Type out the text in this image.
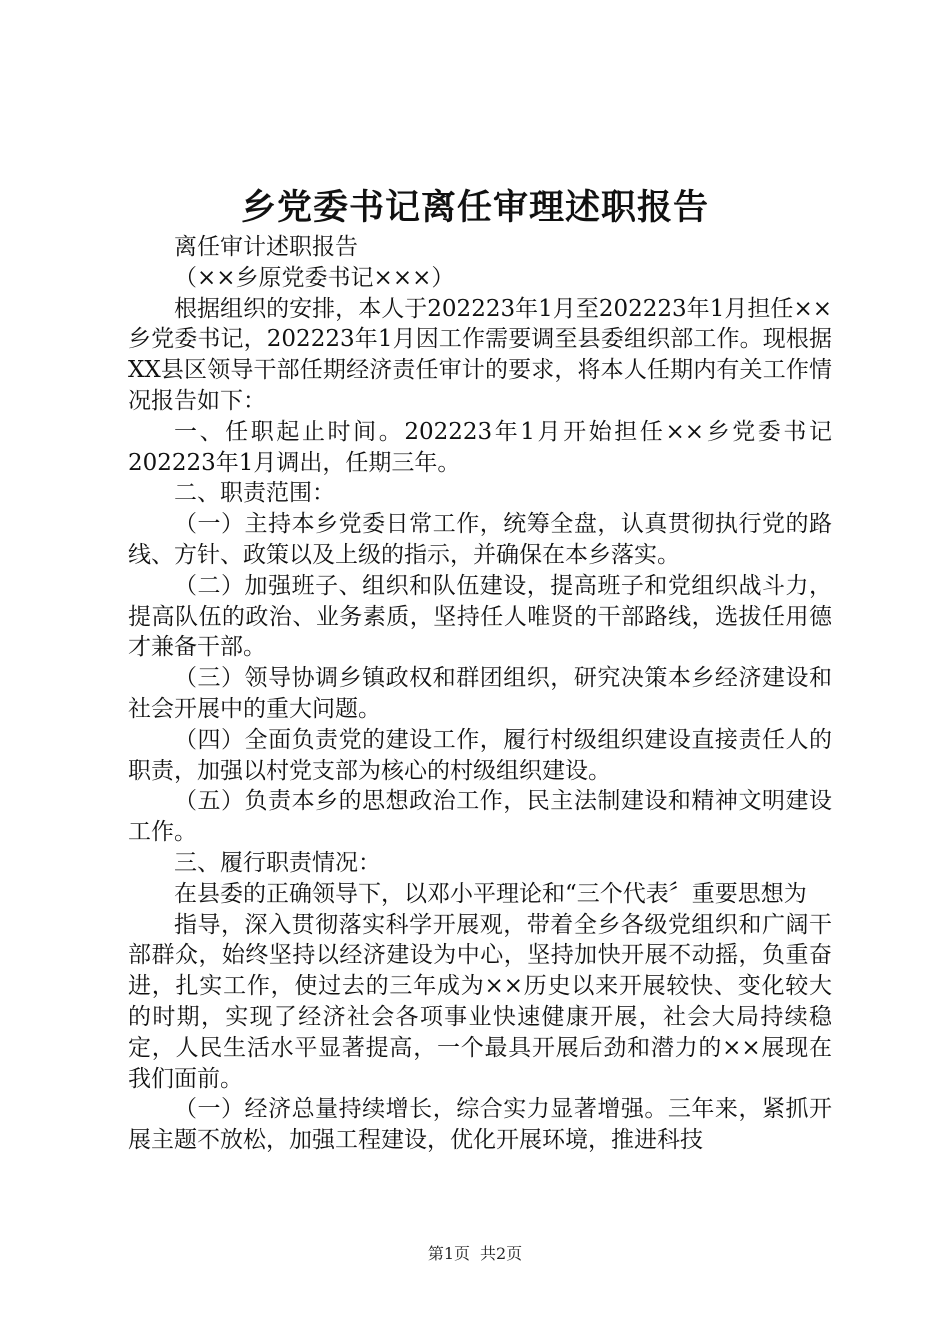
乡党委书记离任审理述职报告

离任审计述职报告

（××乡原党委书记×××）

根据组织的安排，本人于202223年1月至202223年1月担任××乡党委书记，202223年1月因工作需要调至县委组织部工作。现根据XX县区领导干部任期经济责任审计的要求，将本人任期内有关工作情况报告如下：

一、任职起止时间。202223年1月开始担任××乡党委书记202223年1月调出，任期三年。

二、职责范围：

（一）主持本乡党委日常工作，统筹全盘，认真贯彻执行党的路线、方针、政策以及上级的指示，并确保在本乡落实。

（二）加强班子、组织和队伍建设，提高班子和党组织战斗力，提高队伍的政治、业务素质，坚持任人唯贤的干部路线，选拔任用德才兼备干部。

（三）领导协调乡镇政权和群团组织，研究决策本乡经济建设和社会开展中的重大问题。

（四）全面负责党的建设工作，履行村级组织建设直接责任人的职责，加强以村党支部为核心的村级组织建设。

（五）负责本乡的思想政治工作，民主法制建设和精神文明建设工作。

三、履行职责情况：

在县委的正确领导下，以邓小平理论和“三个代表〞重要思想为

指导，深入贯彻落实科学开展观，带着全乡各级党组织和广阔干部群众，始终坚持以经济建设为中心，坚持加快开展不动摇，负重奋进，扎实工作，使过去的三年成为××历史以来开展较快、变化较大的时期，实现了经济社会各项事业快速健康开展，社会大局持续稳定，人民生活水平显著提高，一个最具开展后劲和潜力的××展现在我们面前。

（一）经济总量持续增长，综合实力显著增强。三年来，紧抓开展主题不放松，加强工程建设，优化开展环境，推进科技

第1页 共2页
